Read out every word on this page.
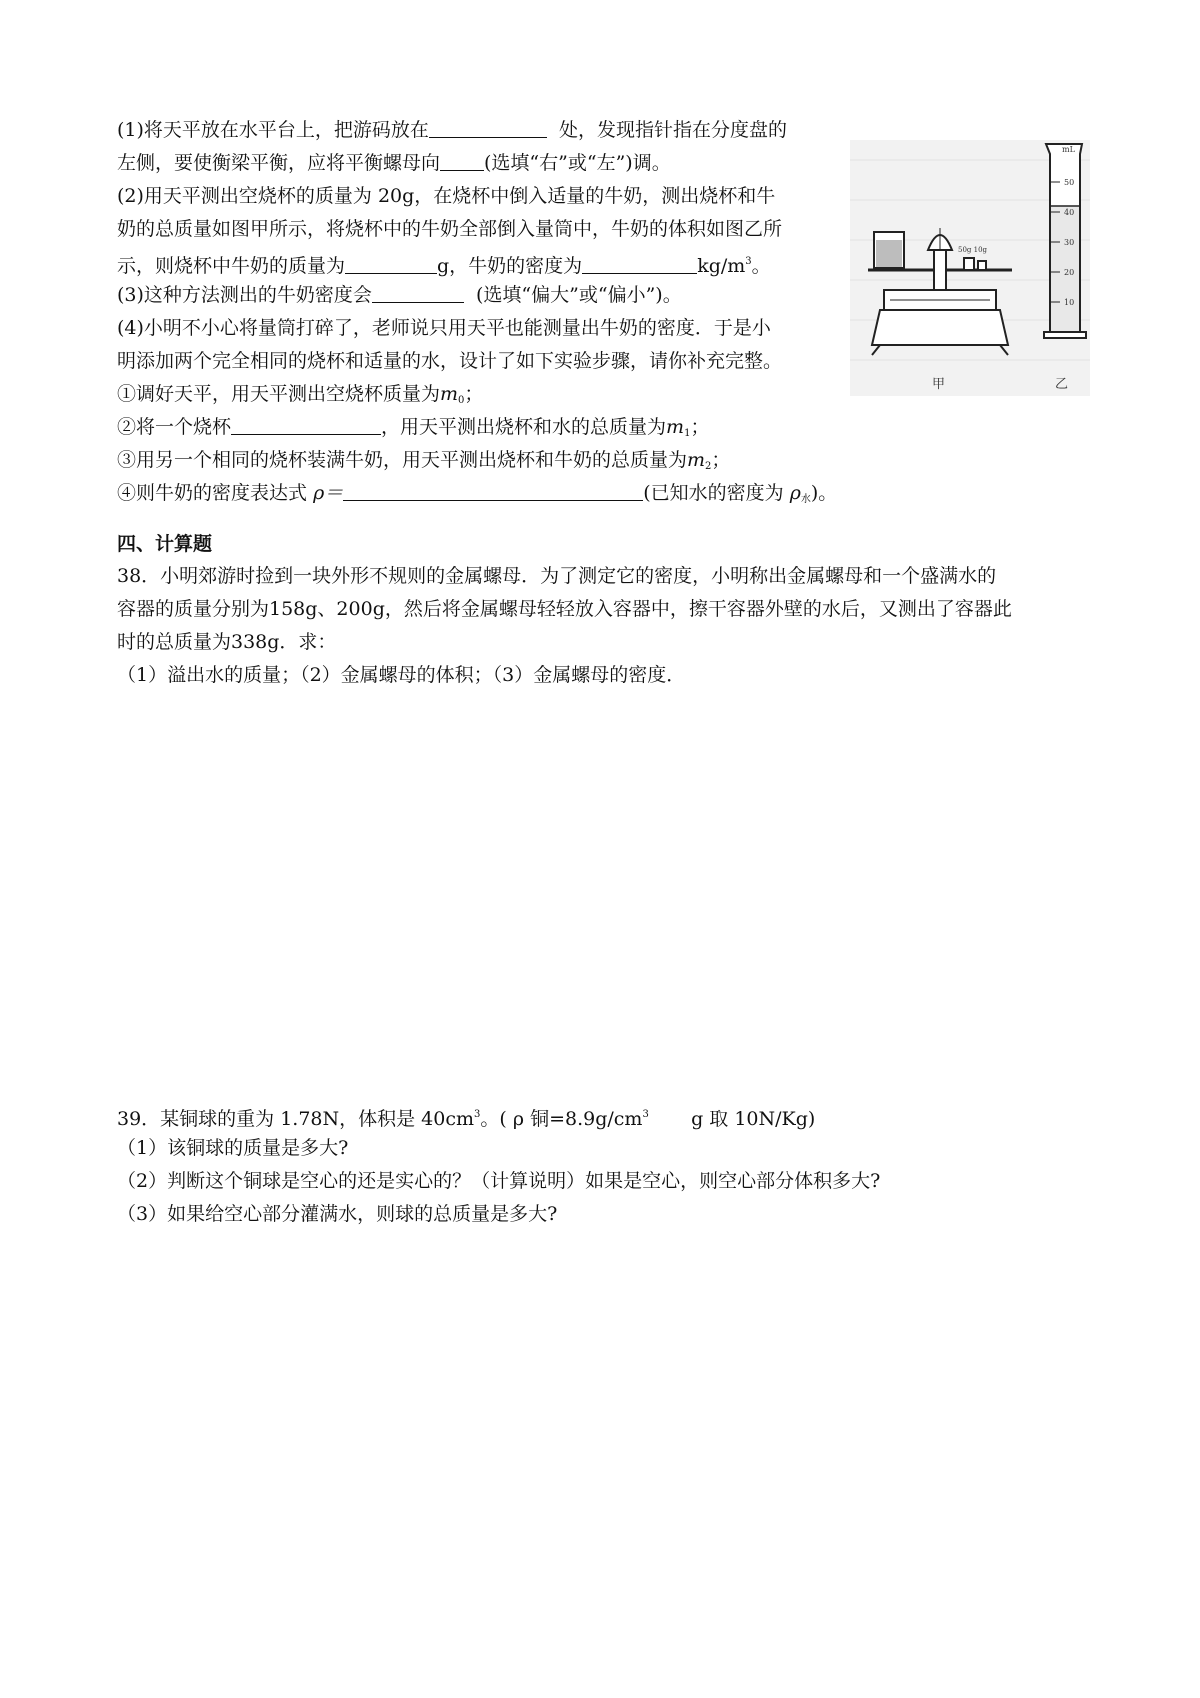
(1)将天平放在水平台上，把游码放在	处，发现指针指在分度盘的
左侧，要使衡梁平衡，应将平衡螺母向 (选填“右”或“左”)调。
(2)用天平测出空烧杯的质量为 20g，在烧杯中倒入适量的牛奶，测出烧杯和牛
奶的总质量如图甲所示，将烧杯中的牛奶全部倒入量筒中，牛奶的体积如图乙所
示，则烧杯中牛奶的质量为	g，牛奶的密度为	$kg/m^3$。
(3)这种方法测出的牛奶密度会	(选填“偏大”或“偏小”)。
(4)小明不小心将量筒打碎了，老师说只用天平也能测量出牛奶的密度．于是小
明添加两个完全相同的烧杯和适量的水，设计了如下实验步骤，请你补充完整。
①调好天平，用天平测出空烧杯质量为$m_0$；
②将一个烧杯	，用天平测出烧杯和水的总质量为$m_1$；
③用另一个相同的烧杯装满牛奶，用天平测出烧杯和牛奶的总质量为$m_2$；
④则牛奶的密度表达式 ρ＝	(已知水的密度为 $\rho_水$)。
50g 10g
mL
50
40
30
20
10
甲	乙
四、计算题
38．小明郊游时捡到一块外形不规则的金属螺母．为了测定它的密度，小明称出金属螺母和一个盛满水的
容器的质量分别为158g、200g，然后将金属螺母轻轻放入容器中，擦干容器外壁的水后，又测出了容器此
时的总质量为338g．求：
（1）溢出水的质量；（2）金属螺母的体积；（3）金属螺母的密度．
39．某铜球的重为 1.78N，体积是 $40cm^3$。( ρ 铜$=8.9g/cm^3$ g 取 10N/Kg)
（1）该铜球的质量是多大?
（2）判断这个铜球是空心的还是实心的？（计算说明）如果是空心，则空心部分体积多大?
（3）如果给空心部分灌满水，则球的总质量是多大?
